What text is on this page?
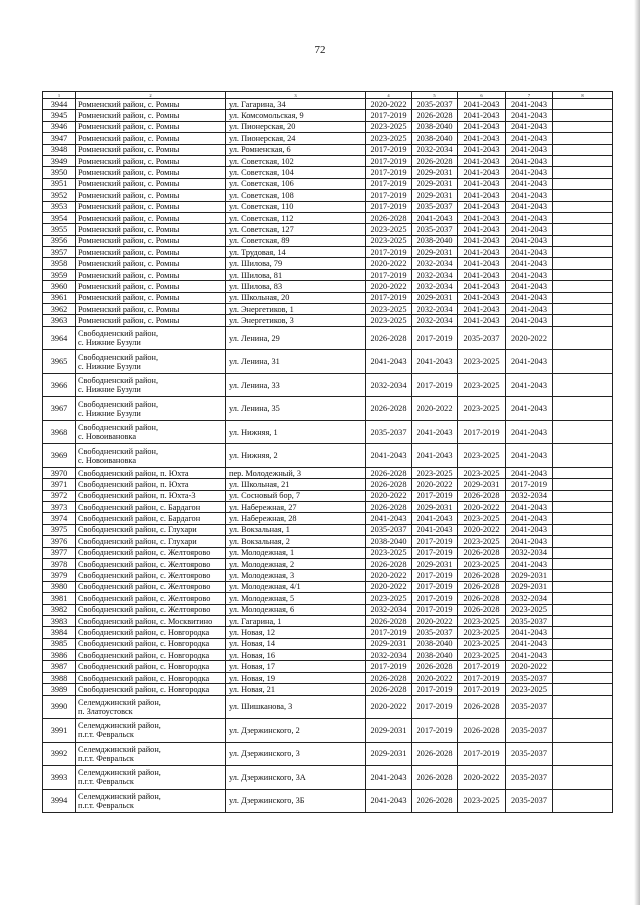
72
1	2	3	4	5	6	7	8
3944	Ромненский район, с. Ромны	ул. Гагарина, 34	2020-2022	2035-2037	2041-2043	2041-2043	
3945	Ромненский район, с. Ромны	ул. Комсомольская, 9	2017-2019	2026-2028	2041-2043	2041-2043	
3946	Ромненский район, с. Ромны	ул. Пионерская, 20	2023-2025	2038-2040	2041-2043	2041-2043	
3947	Ромненский район, с. Ромны	ул. Пионерская, 24	2023-2025	2038-2040	2041-2043	2041-2043	
3948	Ромненский район, с. Ромны	ул. Ромненская, 6	2017-2019	2032-2034	2041-2043	2041-2043	
3949	Ромненский район, с. Ромны	ул. Советская, 102	2017-2019	2026-2028	2041-2043	2041-2043	
3950	Ромненский район, с. Ромны	ул. Советская, 104	2017-2019	2029-2031	2041-2043	2041-2043	
3951	Ромненский район, с. Ромны	ул. Советская, 106	2017-2019	2029-2031	2041-2043	2041-2043	
3952	Ромненский район, с. Ромны	ул. Советская, 108	2017-2019	2029-2031	2041-2043	2041-2043	
3953	Ромненский район, с. Ромны	ул. Советская, 110	2017-2019	2035-2037	2041-2043	2041-2043	
3954	Ромненский район, с. Ромны	ул. Советская, 112	2026-2028	2041-2043	2041-2043	2041-2043	
3955	Ромненский район, с. Ромны	ул. Советская, 127	2023-2025	2035-2037	2041-2043	2041-2043	
3956	Ромненский район, с. Ромны	ул. Советская, 89	2023-2025	2038-2040	2041-2043	2041-2043	
3957	Ромненский район, с. Ромны	ул. Трудовая, 14	2017-2019	2029-2031	2041-2043	2041-2043	
3958	Ромненский район, с. Ромны	ул. Шилова, 79	2020-2022	2032-2034	2041-2043	2041-2043	
3959	Ромненский район, с. Ромны	ул. Шилова, 81	2017-2019	2032-2034	2041-2043	2041-2043	
3960	Ромненский район, с. Ромны	ул. Шилова, 83	2020-2022	2032-2034	2041-2043	2041-2043	
3961	Ромненский район, с. Ромны	ул. Школьная, 20	2017-2019	2029-2031	2041-2043	2041-2043	
3962	Ромненский район, с. Ромны	ул. Энергетиков, 1	2023-2025	2032-2034	2041-2043	2041-2043	
3963	Ромненский район, с. Ромны	ул. Энергетиков, 3	2023-2025	2032-2034	2041-2043	2041-2043	
3964	Свободненский район,
с. Нижние Бузули	ул. Ленина, 29	2026-2028	2017-2019	2035-2037	2020-2022	
3965	Свободненский район,
с. Нижние Бузули	ул. Ленина, 31	2041-2043	2041-2043	2023-2025	2041-2043	
3966	Свободненский район,
с. Нижние Бузули	ул. Ленина, 33	2032-2034	2017-2019	2023-2025	2041-2043	
3967	Свободненский район,
с. Нижние Бузули	ул. Ленина, 35	2026-2028	2020-2022	2023-2025	2041-2043	
3968	Свободненский район,
с. Новоивановка	ул. Нижняя, 1	2035-2037	2041-2043	2017-2019	2041-2043	
3969	Свободненский район,
с. Новоивановка	ул. Нижняя, 2	2041-2043	2041-2043	2023-2025	2041-2043	
3970	Свободненский район, п. Юхта	пер. Молодежный, 3	2026-2028	2023-2025	2023-2025	2041-2043	
3971	Свободненский район, п. Юхта	ул. Школьная, 21	2026-2028	2020-2022	2029-2031	2017-2019	
3972	Свободненский район, п. Юхта-3	ул. Сосновый бор, 7	2020-2022	2017-2019	2026-2028	2032-2034	
3973	Свободненский район, с. Бардагон	ул. Набережная, 27	2026-2028	2029-2031	2020-2022	2041-2043	
3974	Свободненский район, с. Бардагон	ул. Набережная, 28	2041-2043	2041-2043	2023-2025	2041-2043	
3975	Свободненский район, с. Глухари	ул. Вокзальная, 1	2035-2037	2041-2043	2020-2022	2041-2043	
3976	Свободненский район, с. Глухари	ул. Вокзальная, 2	2038-2040	2017-2019	2023-2025	2041-2043	
3977	Свободненский район, с. Желтоярово	ул. Молодежная, 1	2023-2025	2017-2019	2026-2028	2032-2034	
3978	Свободненский район, с. Желтоярово	ул. Молодежная, 2	2026-2028	2029-2031	2023-2025	2041-2043	
3979	Свободненский район, с. Желтоярово	ул. Молодежная, 3	2020-2022	2017-2019	2026-2028	2029-2031	
3980	Свободненский район, с. Желтоярово	ул. Молодежная, 4/1	2020-2022	2017-2019	2026-2028	2029-2031	
3981	Свободненский район, с. Желтоярово	ул. Молодежная, 5	2023-2025	2017-2019	2026-2028	2032-2034	
3982	Свободненский район, с. Желтоярово	ул. Молодежная, 6	2032-2034	2017-2019	2026-2028	2023-2025	
3983	Свободненский район, с. Москвитино	ул. Гагарина, 1	2026-2028	2020-2022	2023-2025	2035-2037	
3984	Свободненский район, с. Новгородка	ул. Новая, 12	2017-2019	2035-2037	2023-2025	2041-2043	
3985	Свободненский район, с. Новгородка	ул. Новая, 14	2029-2031	2038-2040	2023-2025	2041-2043	
3986	Свободненский район, с. Новгородка	ул. Новая, 16	2032-2034	2038-2040	2023-2025	2041-2043	
3987	Свободненский район, с. Новгородка	ул. Новая, 17	2017-2019	2026-2028	2017-2019	2020-2022	
3988	Свободненский район, с. Новгородка	ул. Новая, 19	2026-2028	2020-2022	2017-2019	2035-2037	
3989	Свободненский район, с. Новгородка	ул. Новая, 21	2026-2028	2017-2019	2017-2019	2023-2025	
3990	Селемджинский район,
п. Златоустовск	ул. Шишканова, 3	2020-2022	2017-2019	2026-2028	2035-2037	
3991	Селемджинский район,
п.г.т. Февральск	ул. Дзержинского, 2	2029-2031	2017-2019	2026-2028	2035-2037	
3992	Селемджинский район,
п.г.т. Февральск	ул. Дзержинского, 3	2029-2031	2026-2028	2017-2019	2035-2037	
3993	Селемджинский район,
п.г.т. Февральск	ул. Дзержинского, 3А	2041-2043	2026-2028	2020-2022	2035-2037	
3994	Селемджинский район,
п.г.т. Февральск	ул. Дзержинского, 3Б	2041-2043	2026-2028	2023-2025	2035-2037	
